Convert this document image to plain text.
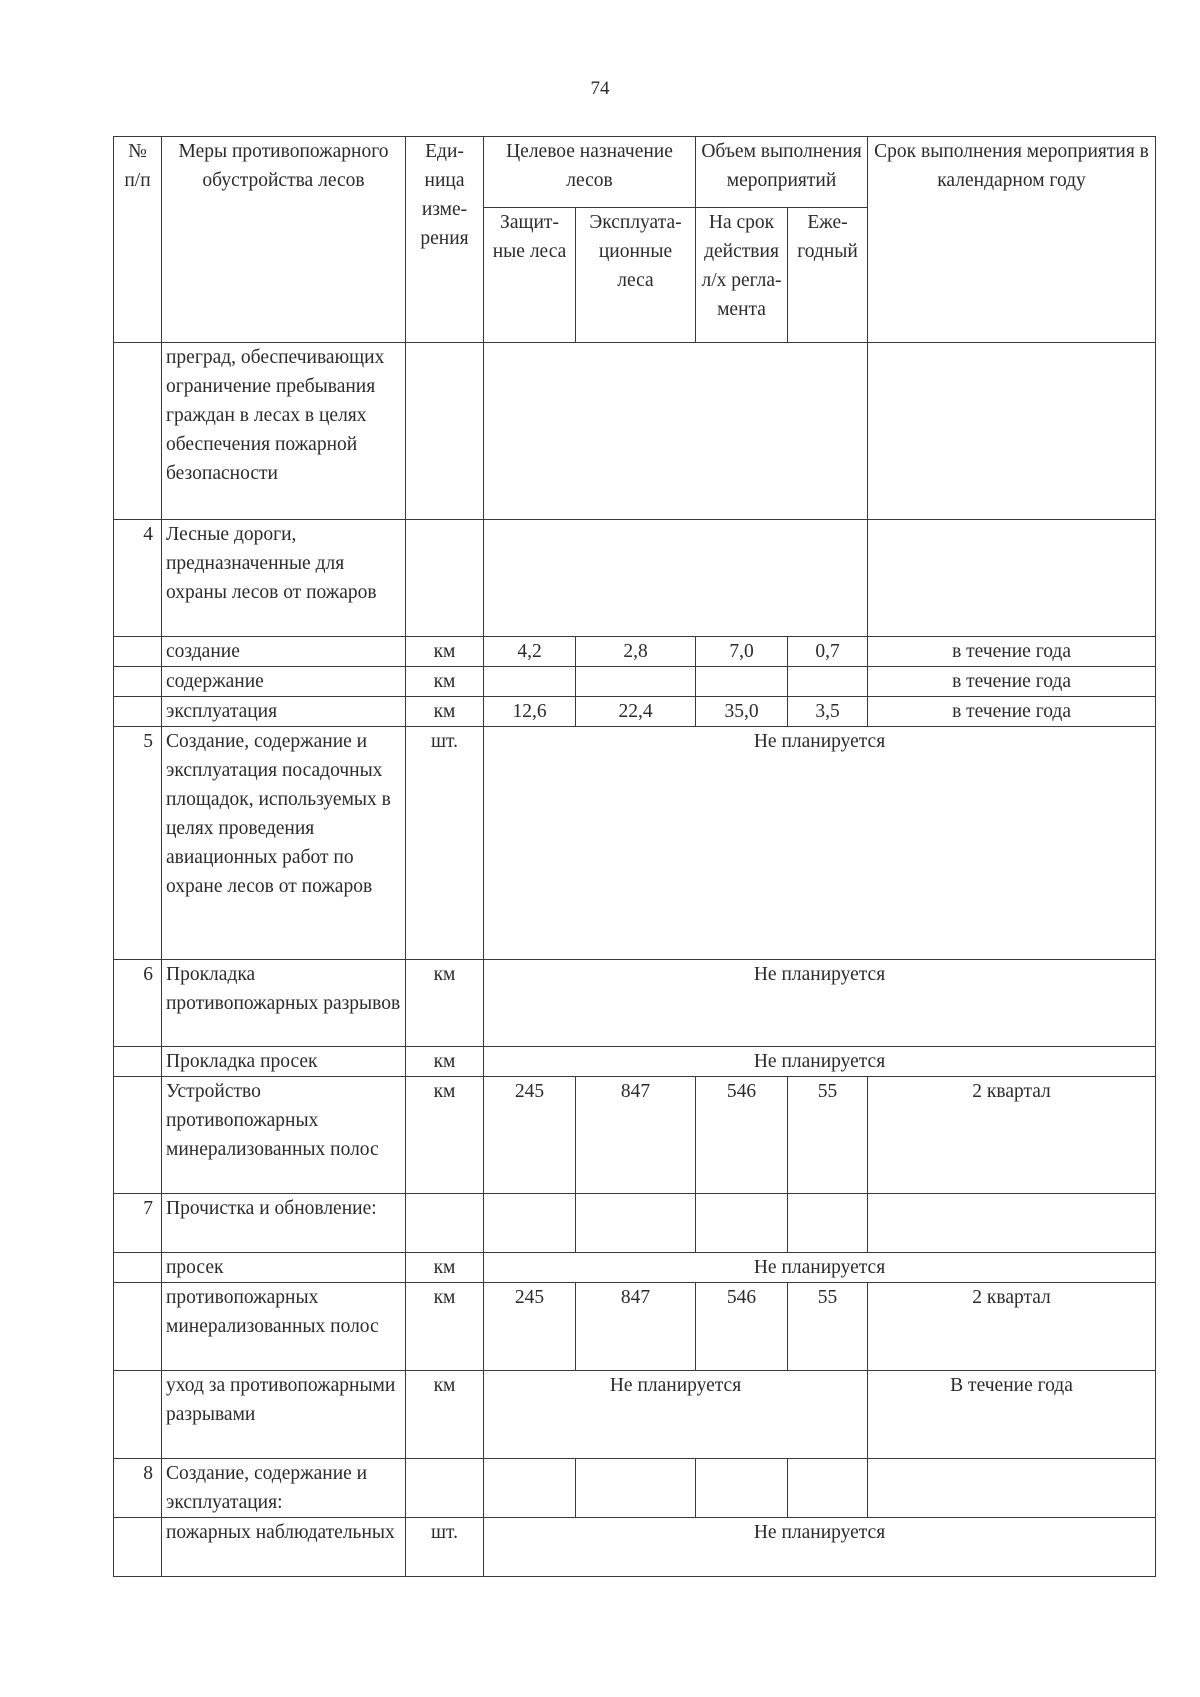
74
№ п/п	Меры противопожарного обустройства лесов	Еди- ница изме- рения	Целевое назначение лесов		Объем выполнения мероприятий		Срок выполнения мероприятия в календарном году
			Защит- ные леса	Эксплуата- ционные леса	На срок действия л/х регла- мента	Еже- годный	
	преград, обеспечивающих ограничение пребывания граждан в лесах в целях обеспечения пожарной безопасности						
4	Лесные дороги, предназначенные для охраны лесов от пожаров						
	создание	км	4,2	2,8	7,0	0,7	в течение года
	содержание	км					в течение года
	эксплуатация	км	12,6	22,4	35,0	3,5	в течение года
5	Создание, содержание и эксплуатация посадочных площадок, используемых в целях проведения авиационных работ по охране лесов от пожаров	шт.	Не планируется				
6	Прокладка противопожарных разрывов	км	Не планируется				
	Прокладка просек	км	Не планируется				
	Устройство противопожарных минерализованных полос	км	245	847	546	55	2 квартал
7	Прочистка и обновление:						
	просек	км	Не планируется				
	противопожарных минерализованных полос	км	245	847	546	55	2 квартал
	уход за противопожарными разрывами	км	Не планируется				В течение года
8	Создание, содержание и эксплуатация:						
	пожарных наблюдательных	шт.	Не планируется				
